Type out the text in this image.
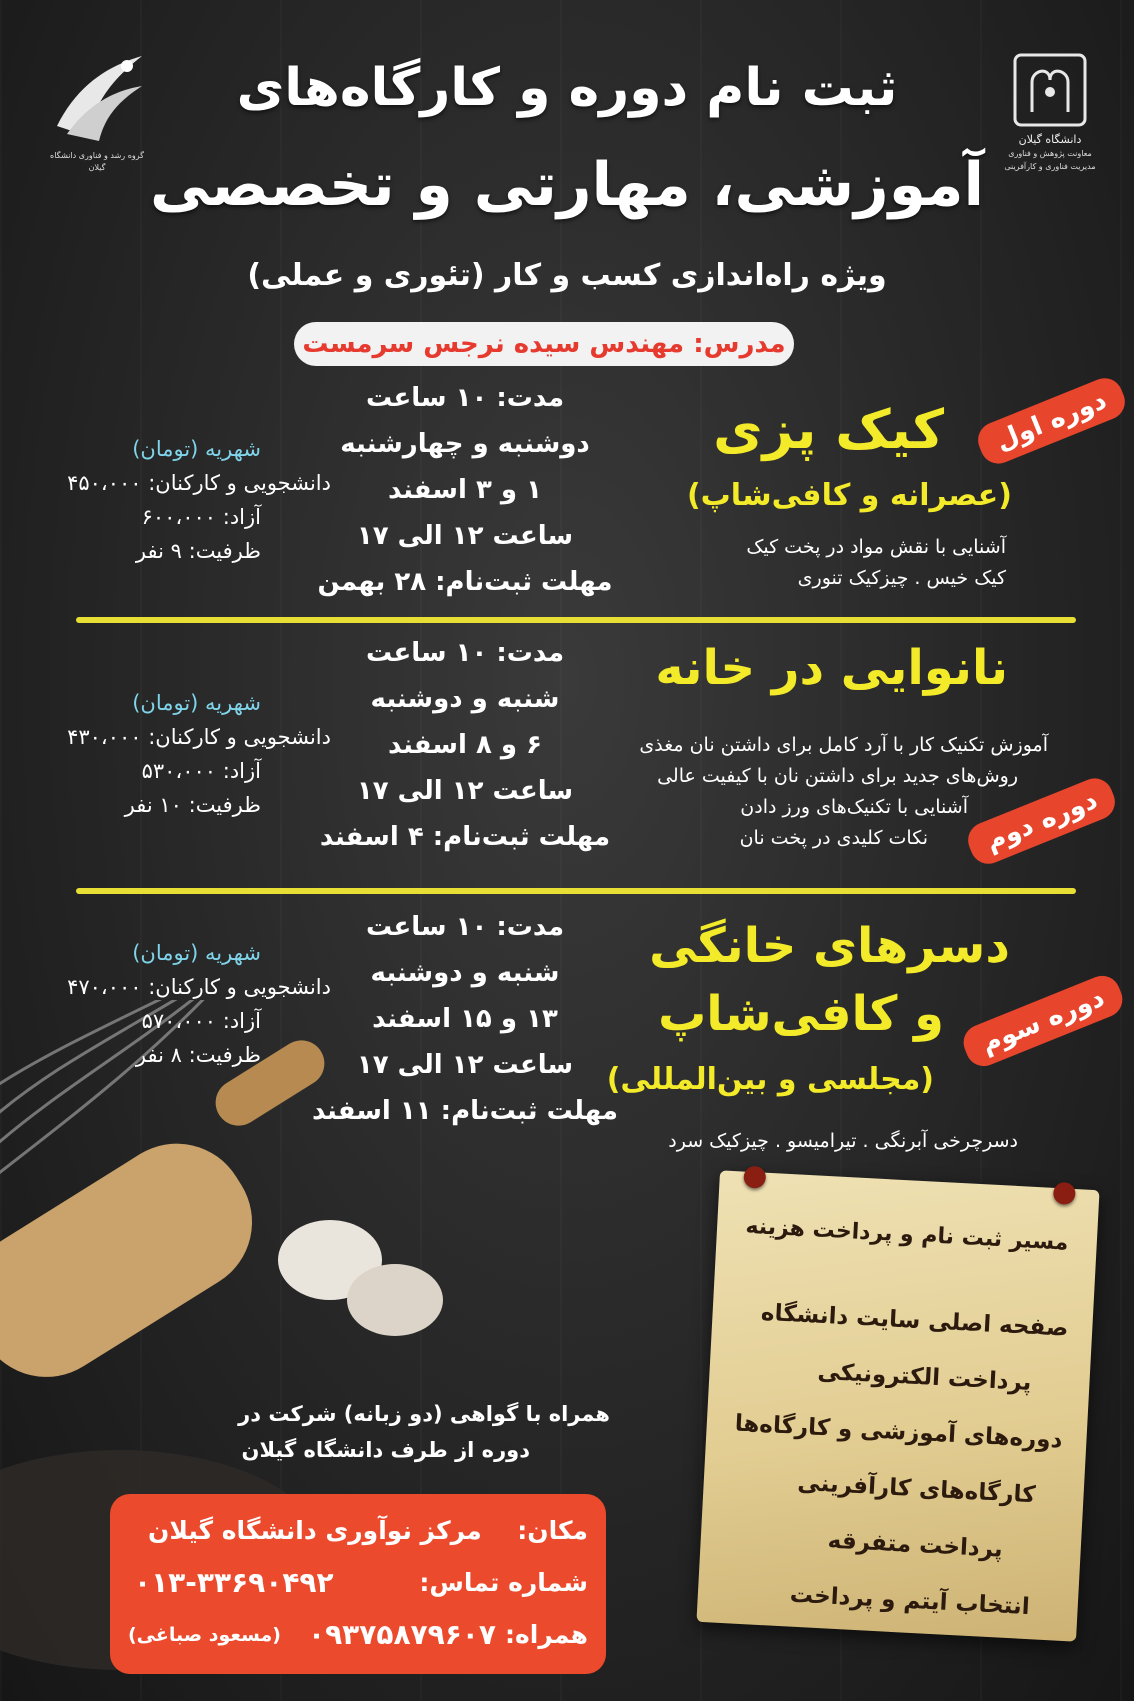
گروه رشد و فناوری دانشگاه گیلان
دانشگاه گیلان
معاونت پژوهش و فناوری
مدیریت فناوری و کارآفرینی
ثبت نام دوره و کارگاه‌های
آموزشی، مهارتی و تخصصی
ویژه راه‌اندازی کسب و کار (تئوری و عملی)
مدرس: مهندس سیده نرجس سرمست
دوره اول
کیک پزی
(عصرانه و کافی‌شاپ)
آشنایی با نقش مواد در پخت کیک
کیک خیس . چیزکیک تنوری
مدت: ۱۰ ساعت
دوشنبه و چهارشنبه
۱ و ۳ اسفند
ساعت ۱۲ الی ۱۷
مهلت ثبت‌نام: ۲۸ بهمن
شهریه (تومان)
دانشجویی و کارکنان: ۴۵۰،۰۰۰
آزاد: ۶۰۰،۰۰۰
ظرفیت: ۹ نفر
نانوایی در خانه
آموزش تکنیک کار با آرد کامل برای داشتن نان مغذی
روش‌های جدید برای داشتن نان با کیفیت عالی
آشنایی با تکنیک‌های ورز دادن
نکات کلیدی در پخت نان	دوره دوم
مدت: ۱۰ ساعت
شنبه و دوشنبه
۶ و ۸ اسفند
ساعت ۱۲ الی ۱۷
مهلت ثبت‌نام: ۴ اسفند
شهریه (تومان)
دانشجویی و کارکنان: ۴۳۰،۰۰۰
آزاد: ۵۳۰،۰۰۰
ظرفیت: ۱۰ نفر
دسرهای خانگی
و کافی‌شاپ	دوره سوم
(مجلسی و بین‌المللی)
دسرچرخی آبرنگی . تیرامیسو . چیزکیک سرد
مدت: ۱۰ ساعت
شنبه و دوشنبه
۱۳ و ۱۵ اسفند
ساعت ۱۲ الی ۱۷
مهلت ثبت‌نام: ۱۱ اسفند
شهریه (تومان)
دانشجویی و کارکنان: ۴۷۰،۰۰۰
آزاد: ۵۷۰،۰۰۰
ظرفیت: ۸ نفر
همراه با گواهی (دو زبانه) شرکت در
دوره از طرف دانشگاه گیلان
مکان:
مرکز نوآوری دانشگاه گیلان
شماره تماس:
۰۱۳-۳۳۶۹۰۴۹۲
همراه:
۰۹۳۷۵۸۷۹۶۰۷
(مسعود صباغی)
مسیر ثبت نام و پرداخت هزینه
صفحه اصلی سایت دانشگاه
پرداخت الکترونیکی
دوره‌های آموزشی و کارگاه‌ها
کارگاه‌های کارآفرینی
پرداخت متفرقه
انتخاب آیتم و پرداخت
